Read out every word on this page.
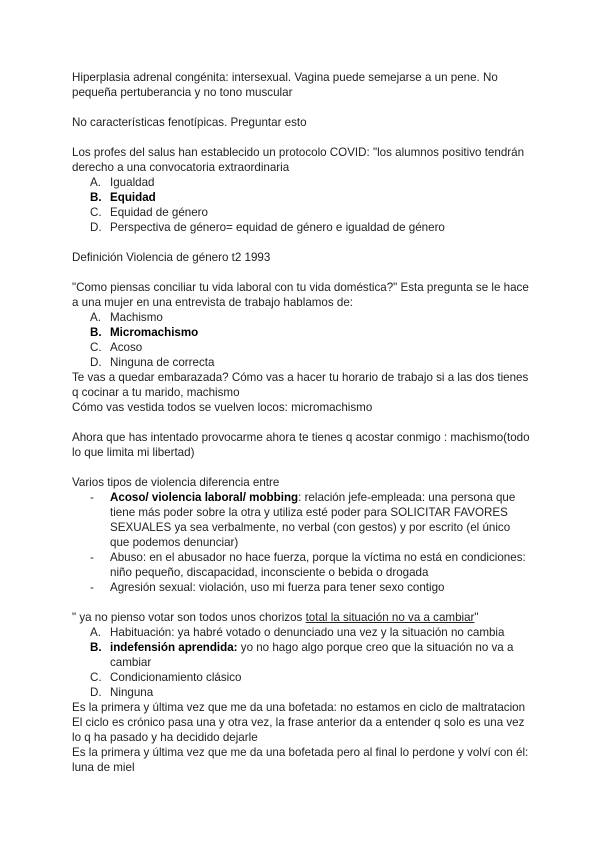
Hiperplasia adrenal congénita: intersexual. Vagina puede semejarse a un pene. No pequeña pertuberancia y no tono muscular

No características fenotípicas. Preguntar esto

Los profes del salus han establecido un protocolo COVID: "los alumnos positivo tendrán derecho a una convocatoria extraordinaria

A. Igualdad
B. Equidad
C. Equidad de género
D. Perspectiva de género= equidad de género e igualdad de género

Definición Violencia de género t2 1993

"Como piensas conciliar tu vida laboral con tu vida doméstica?" Esta pregunta se le hace a una mujer en una entrevista de trabajo hablamos de:

A. Machismo
B. Micromachismo
C. Acoso
D. Ninguna de correcta

Te vas a quedar embarazada? Cómo vas a hacer tu horario de trabajo si a las dos tienes q cocinar a tu marido, machismo

Cómo vas vestida todos se vuelven locos: micromachismo

Ahora que has intentado provocarme ahora te tienes q acostar conmigo : machismo(todo lo que limita mi libertad)

Varios tipos de violencia diferencia entre

- Acoso/ violencia laboral/ mobbing: relación jefe-empleada: una persona que tiene más poder sobre la otra y utiliza esté poder para SOLICITAR FAVORES SEXUALES ya sea verbalmente, no verbal (con gestos) y por escrito (el único que podemos denunciar)
- Abuso: en el abusador no hace fuerza, porque la víctima no está en condiciones: niño pequeño, discapacidad, inconsciente o bebida o drogada
- Agresión sexual: violación, uso mi fuerza para tener sexo contigo

" ya no pienso votar son todos unos chorizos total la situación no va a cambiar"

A. Habituación: ya habré votado o denunciado una vez y la situación no cambia
B. indefensión aprendida: yo no hago algo porque creo que la situación no va a cambiar
C. Condicionamiento clásico
D. Ninguna

Es la primera y última vez que me da una bofetada: no estamos en ciclo de maltratacion

El ciclo es crónico pasa una y otra vez, la frase anterior da a entender q solo es una vez lo q ha pasado y ha decidido dejarle

Es la primera y última vez que me da una bofetada pero al final lo perdone y volví con él: luna de miel
